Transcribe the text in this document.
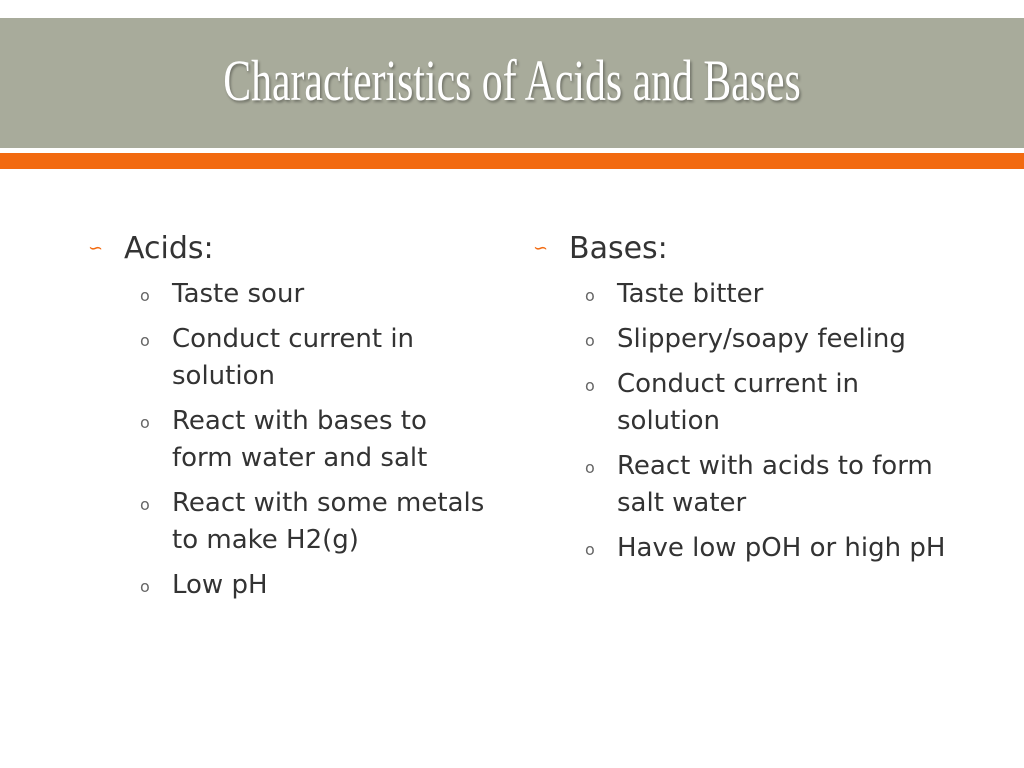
Characteristics of Acids and Bases
∽ Acids:
o Taste sour
o Conduct current in solution
o React with bases to form water and salt
o React with some metals to make H2(g)
o Low pH
∽ Bases:
o Taste bitter
o Slippery/soapy feeling
o Conduct current in solution
o React with acids to form salt water
o Have low pOH or high pH
